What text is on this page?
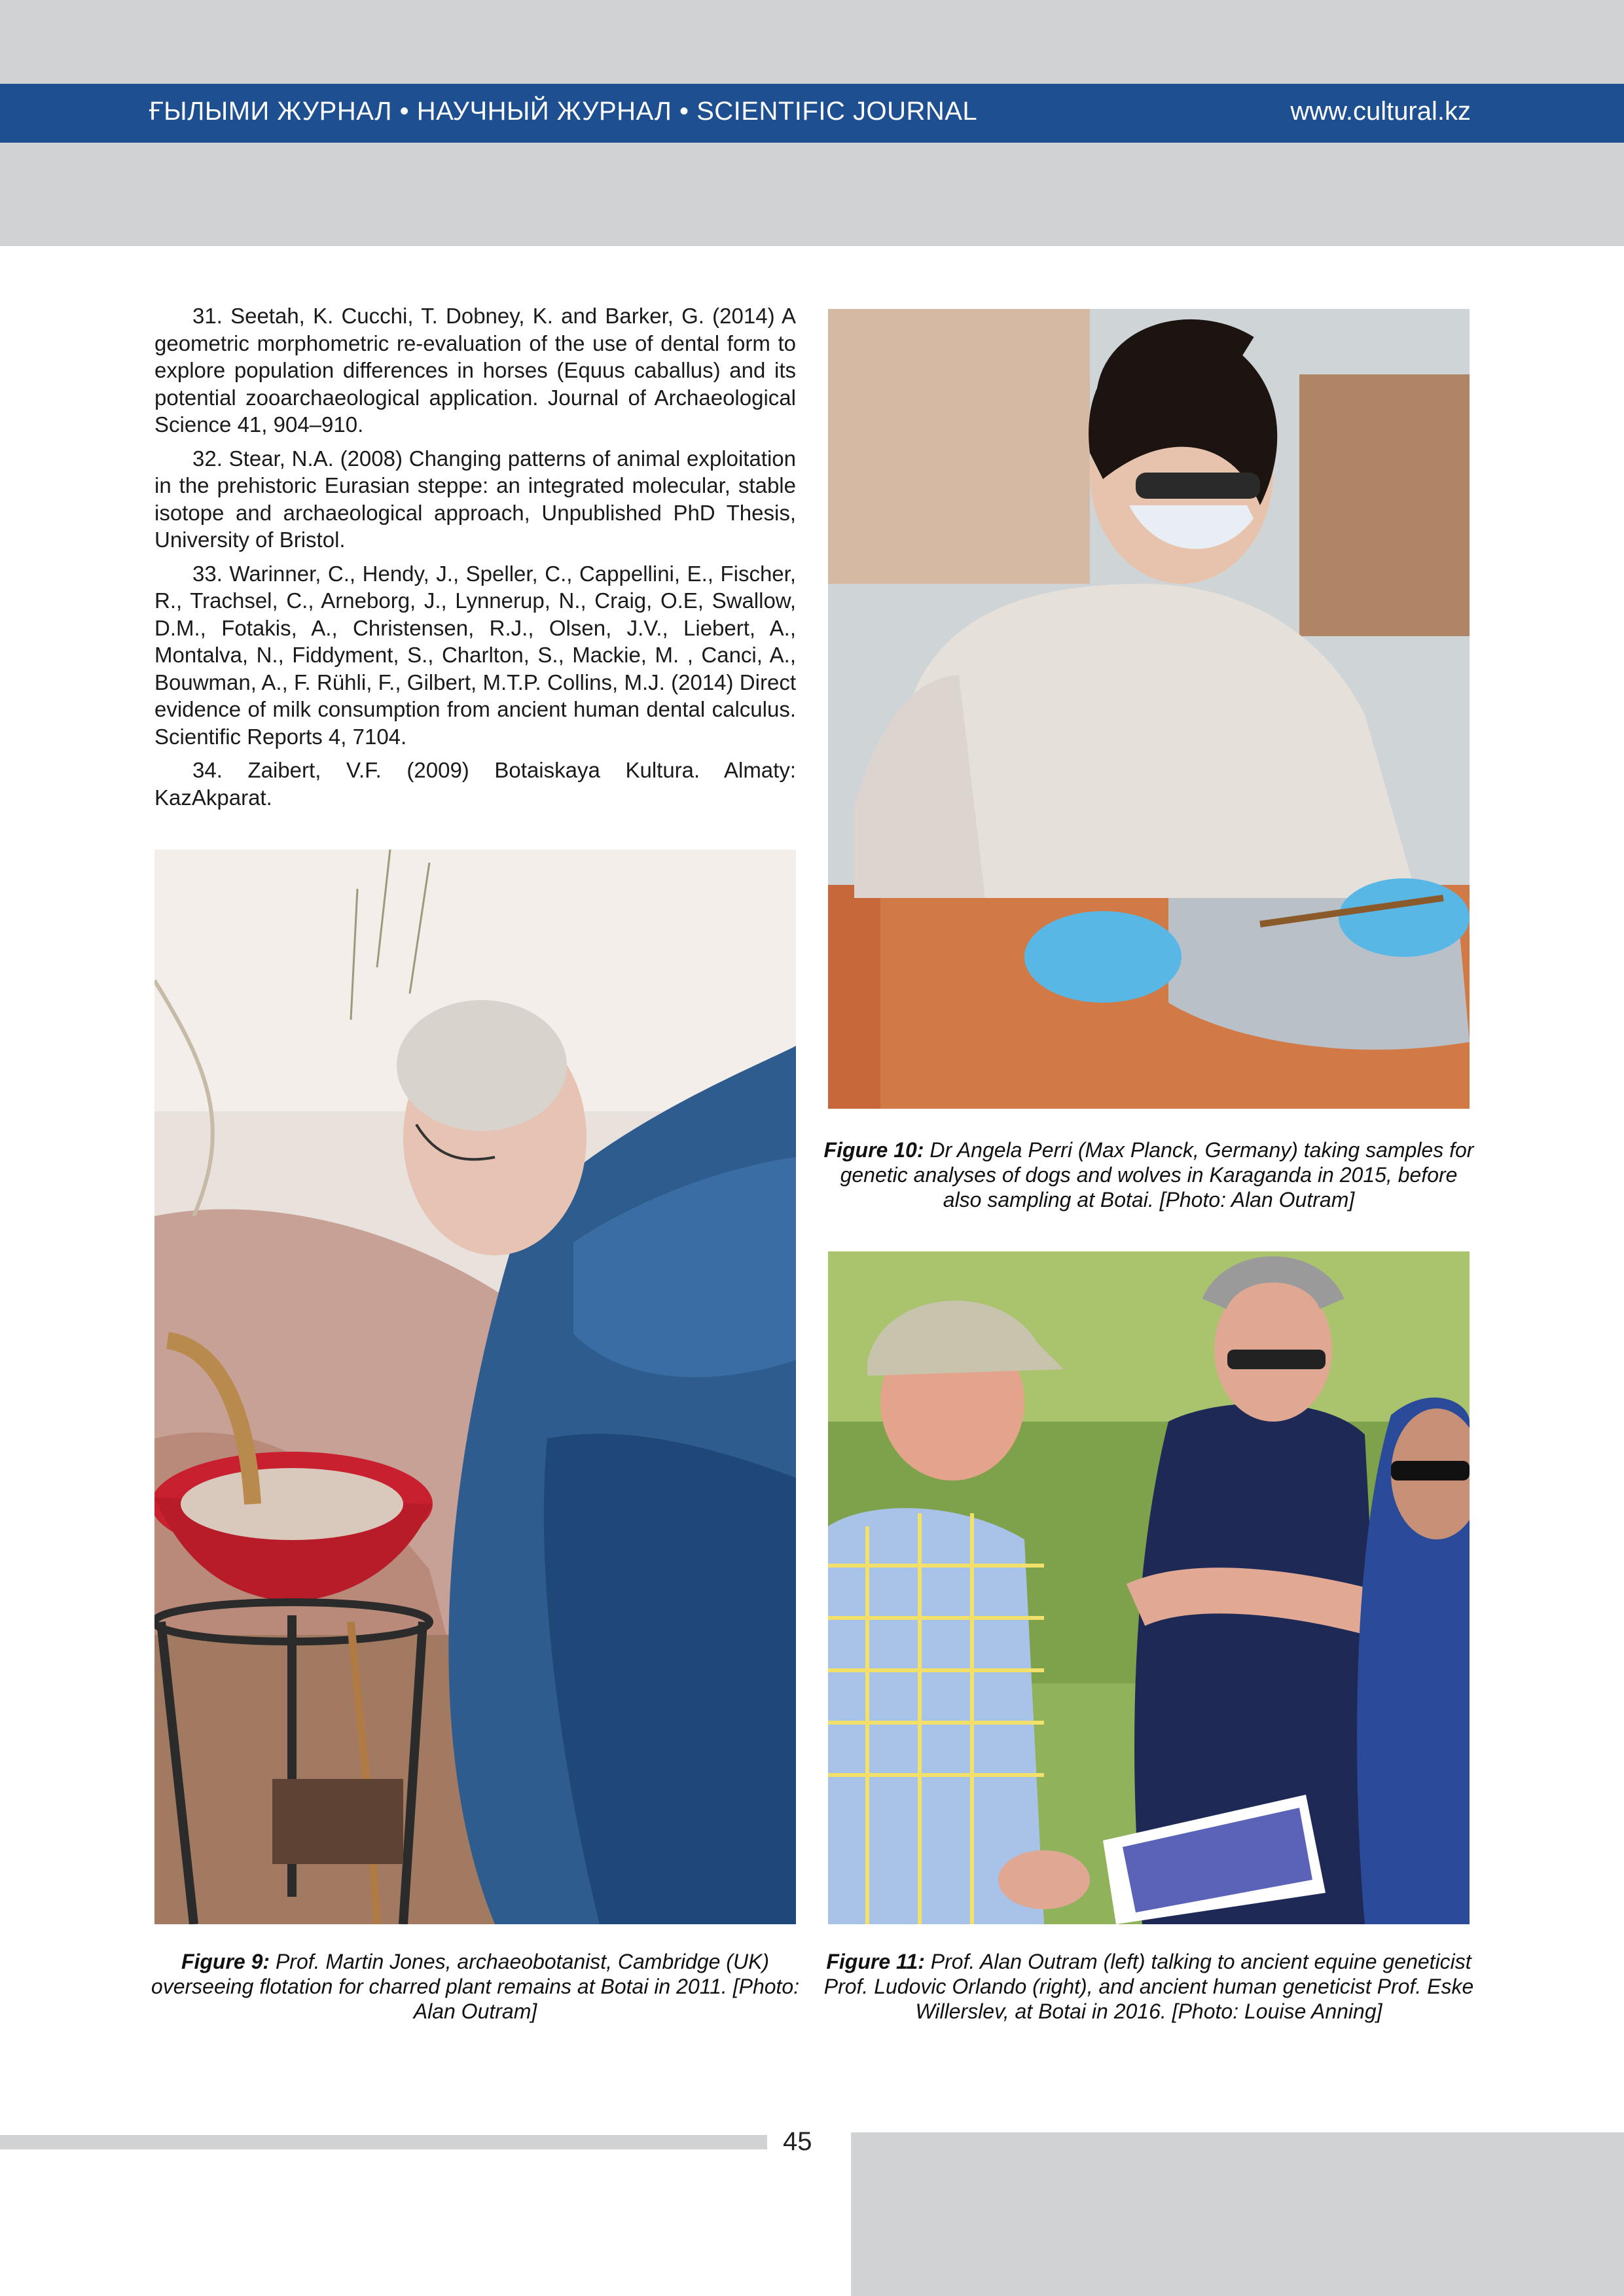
ҒЫЛЫМИ ЖУРНАЛ • НАУЧНЫЙ ЖУРНАЛ • SCIENTIFIC JOURNAL	www.cultural.kz

31. Seetah, K. Cucchi, T. Dobney, K. and Barker, G. (2014) A geometric morphometric re-evaluation of the use of dental form to explore population differences in horses (Equus caballus) and its potential zooarchaeological application. Journal of Archaeological Science 41, 904–910.

32. Stear, N.A. (2008) Changing patterns of animal exploitation in the prehistoric Eurasian steppe: an integrated molecular, stable isotope and archaeological approach, Unpublished PhD Thesis, University of Bristol.

33. Warinner, C., Hendy, J., Speller, C., Cappellini, E., Fischer, R., Trachsel, C., Arneborg, J., Lynnerup, N., Craig, O.E, Swallow, D.M., Fotakis, A., Christensen, R.J., Olsen, J.V., Liebert, A., Montalva, N., Fiddyment, S., Charlton, S., Mackie, M. , Canci, A., Bouwman, A., F. Rühli, F., Gilbert, M.T.P. Collins, M.J. (2014) Direct evidence of milk consumption from ancient human dental calculus. Scientific Reports 4, 7104.

34. Zaibert, V.F. (2009) Botaiskaya Kultura. Almaty: KazAkparat.

Figure 9: Prof. Martin Jones, archaeobotanist, Cambridge (UK) overseeing flotation for charred plant remains at Botai in 2011. [Photo: Alan Outram]
Figure 10: Dr Angela Perri (Max Planck, Germany) taking samples for genetic analyses of dogs and wolves in Karaganda in 2015, before also sampling at Botai. [Photo: Alan Outram]
Figure 11: Prof. Alan Outram (left) talking to ancient equine geneticist Prof. Ludovic Orlando (right), and ancient human geneticist Prof. Eske Willerslev, at Botai in 2016. [Photo: Louise Anning]
45
